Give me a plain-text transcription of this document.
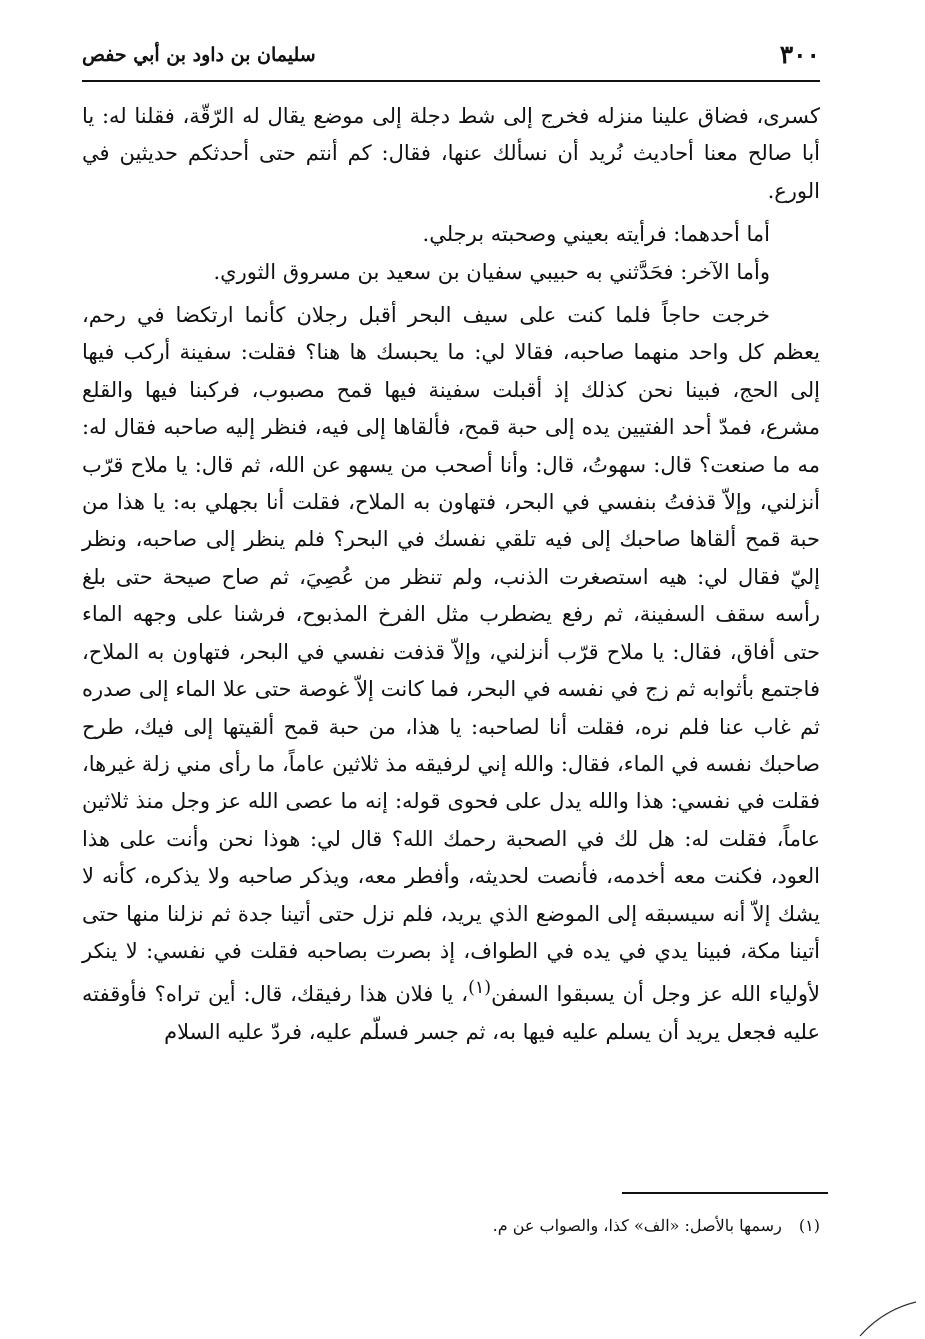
٣٠٠
سليمان بن داود بن أبي حفص

كسرى، فضاق علينا منزله فخرج إلى شط دجلة إلى موضع يقال له الرّقّة، فقلنا له: يا أبا صالح معنا أحاديث نُريد أن نسألك عنها، فقال: كم أنتم حتى أحدثكم حديثين في الورع.

أما أحدهما: فرأيته بعيني وصحبته برجلي.

وأما الآخر: فحَدَّثني به حبيبي سفيان بن سعيد بن مسروق الثوري.

خرجت حاجاً فلما كنت على سيف البحر أقبل رجلان كأنما ارتكضا في رحم، يعظم كل واحد منهما صاحبه، فقالا لي: ما يحبسك ها هنا؟ فقلت: سفينة أركب فيها إلى الحج، فبينا نحن كذلك إذ أقبلت سفينة فيها قمح مصبوب، فركبنا فيها والقلع مشرع، فمدّ أحد الفتيين يده إلى حبة قمح، فألقاها إلى فيه، فنظر إليه صاحبه فقال له: مه ما صنعت؟ قال: سهوتُ، قال: وأنا أصحب من يسهو عن الله، ثم قال: يا ملاح قرّب أنزلني، وإلاّ قذفتُ بنفسي في البحر، فتهاون به الملاح، فقلت أنا بجهلي به: يا هذا من حبة قمح ألقاها صاحبك إلى فيه تلقي نفسك في البحر؟ فلم ينظر إلى صاحبه، ونظر إليّ فقال لي: هيه استصغرت الذنب، ولم تنظر من عُصِيَ، ثم صاح صيحة حتى بلغ رأسه سقف السفينة، ثم رفع يضطرب مثل الفرخ المذبوح، فرشنا على وجهه الماء حتى أفاق، فقال: يا ملاح قرّب أنزلني، وإلاّ قذفت نفسي في البحر، فتهاون به الملاح، فاجتمع بأثوابه ثم زج في نفسه في البحر، فما كانت إلاّ غوصة حتى علا الماء إلى صدره ثم غاب عنا فلم نره، فقلت أنا لصاحبه: يا هذا، من حبة قمح ألقيتها إلى فيك، طرح صاحبك نفسه في الماء، فقال: والله إني لرفيقه مذ ثلاثين عاماً، ما رأى مني زلة غيرها، فقلت في نفسي: هذا والله يدل على فحوى قوله: إنه ما عصى الله عز وجل منذ ثلاثين عاماً، فقلت له: هل لك في الصحبة رحمك الله؟ قال لي: هوذا نحن وأنت على هذا العود، فكنت معه أخدمه، فأنصت لحديثه، وأفطر معه، ويذكر صاحبه ولا يذكره، كأنه لا يشك إلاّ أنه سيسبقه إلى الموضع الذي يريد، فلم نزل حتى أتينا جدة ثم نزلنا منها حتى أتينا مكة، فبينا يدي في يده في الطواف، إذ بصرت بصاحبه فقلت في نفسي: لا ينكر لأولياء الله عز وجل أن يسبقوا السفن$^{(١)}$، يا فلان هذا رفيقك، قال: أين تراه؟ فأوقفته عليه فجعل يريد أن يسلم عليه فيها به، ثم جسر فسلّم عليه، فردّ عليه السلام

(١) رسمها بالأصل: «الف» كذا، والصواب عن م.
